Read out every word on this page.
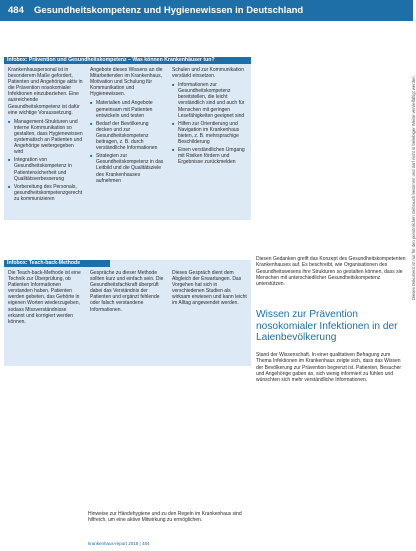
484 Gesundheitskompetenz und Hygienewissen in Deutschland
Infobox: Prävention und Gesundheitskompetenz – Was können Krankenhäuser tun?

Krankenhauspersonal ist in besonderem Maße gefordert, Patienten und Angehörige aktiv in die Prävention nosokomialer Infektionen einzubeziehen. Eine ausreichende Gesundheitskompetenz ist dafür eine wichtige Voraussetzung.

■ Management-Strukturen und interne Kommunikation so gestalten, dass Hygienewissen systematisch an Patienten und Angehörige weitergegeben wird
■ Integration von Gesundheitskompetenz in Patientensicherheit und Qualitätsverbesserung
■ Vorbereitung des Personals, gesundheitskompetenzgerecht zu kommunizieren

Angebote dieses Wissens an die Mitarbeitenden im Krankenhaus, Motivation und Schulung für Kommunikation und Hygienewissen.

■ Materialien und Angebote gemeinsam mit Patienten entwickeln und testen
■ Bedarf der Bevölkerung decken und zur Gesundheitskompetenz beitragen, z. B. durch verständliche Informationen
■ Strategien zur Gesundheitskompetenz in das Leitbild und die Qualitätsziele des Krankenhauses aufnehmen

Schulen und zur Kommunikation verstärkt einsetzen.

■ Informationen zur Gesundheitskompetenz bereitstellen, die leicht verständlich sind und auch für Menschen mit geringen Lesefähigkeiten geeignet sind
■ Hilfen zur Orientierung und Navigation im Krankenhaus bieten, z. B. mehrsprachige Beschilderung
■ Einen verständlichen Umgang mit Risiken fördern und Ergebnisse zurückmelden
Infobox: Teach-back-Methode

Die Teach-back-Methode ist eine Technik zur Überprüfung, ob Patienten Informationen verstanden haben. Patienten werden gebeten, das Gehörte in eigenen Worten wiederzugeben, sodass Missverständnisse erkannt und korrigiert werden können.

Gespräche zu dieser Methode sollten kurz und einfach sein. Die Gesundheitsfachkraft überprüft dabei das Verständnis der Patienten und ergänzt fehlende oder falsch verstandene Informationen.

Dieses Gespräch dient dem Abgleich der Erwartungen. Das Vorgehen hat sich in verschiedenen Studien als wirksam erwiesen und kann leicht im Alltag angewendet werden.

Diesen Gedanken greift das Konzept des Gesundheitskompetenten Krankenhauses auf. Es beschreibt, wie Organisationen des Gesundheitswesens ihre Strukturen so gestalten können, dass sie Menschen mit unterschiedlicher Gesundheitskompetenz unterstützen.
Wissen zur Prävention nosokomialer Infektionen in der Laienbevölkerung
Stand der Wissenschaft. In einer qualitativen Befragung zum Thema Infektionen im Krankenhaus zeigte sich, dass das Wissen der Bevölkerung zur Prävention begrenzt ist. Patienten, Besucher und Angehörige gaben an, sich wenig informiert zu fühlen und wünschten sich mehr verständliche Informationen.
Hinweise zur Händehygiene und zu den Regeln im Krankenhaus sind hilfreich, um eine aktive Mitwirkung zu ermöglichen.
krankenhaus-report 2018 | 484
Dieses Dokument ist nur für den persönlichen Gebrauch bestimmt und darf nicht in beliebiger Weise vervielfältigt werden.
